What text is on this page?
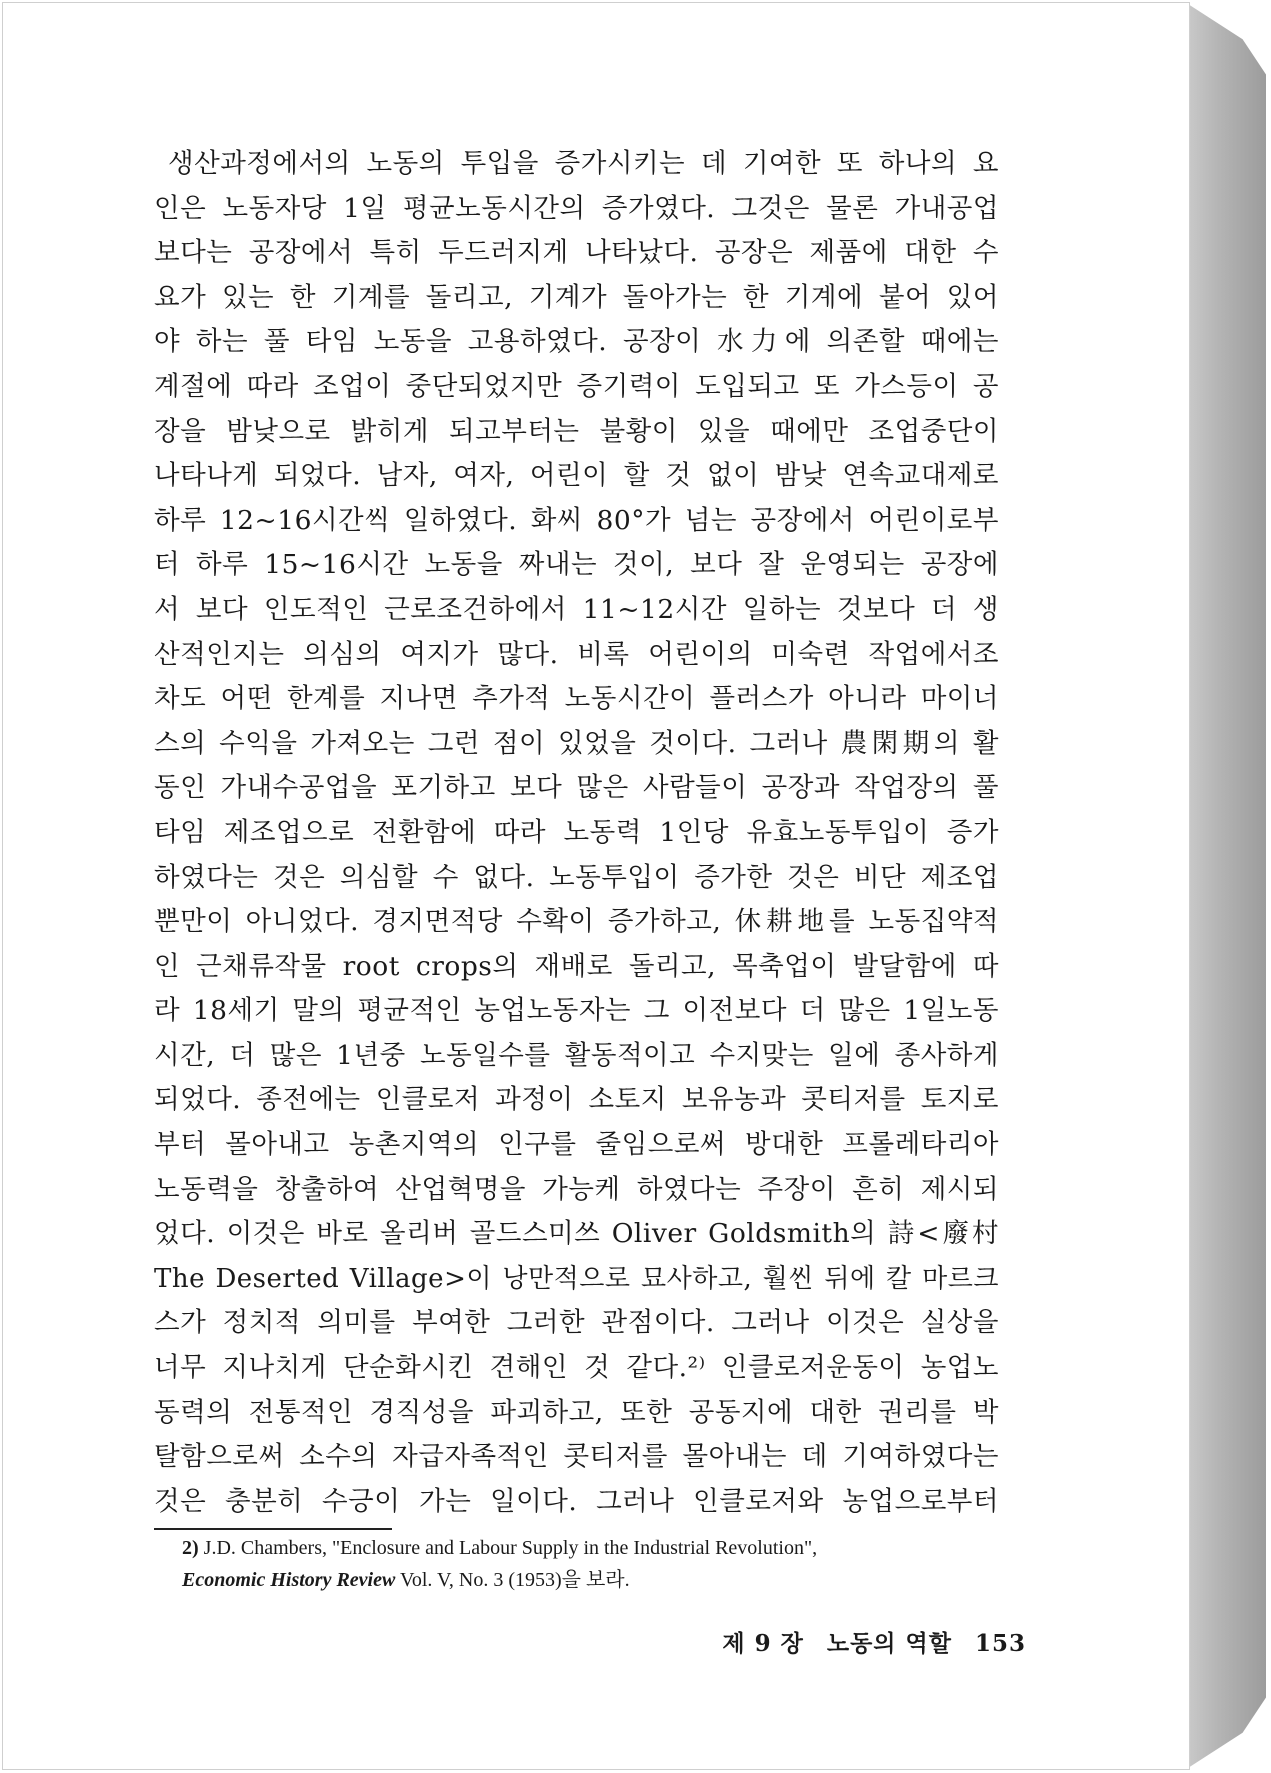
생산과정에서의 노동의 투입을 증가시키는 데 기여한 또 하나의 요
인은 노동자당 1일 평균노동시간의 증가였다. 그것은 물론 가내공업
보다는 공장에서 특히 두드러지게 나타났다. 공장은 제품에 대한 수
요가 있는 한 기계를 돌리고, 기계가 돌아가는 한 기계에 붙어 있어
야 하는 풀 타임 노동을 고용하였다. 공장이 水力에 의존할 때에는
계절에 따라 조업이 중단되었지만 증기력이 도입되고 또 가스등이 공
장을 밤낮으로 밝히게 되고부터는 불황이 있을 때에만 조업중단이
나타나게 되었다. 남자, 여자, 어린이 할 것 없이 밤낮 연속교대제로
하루 12~16시간씩 일하였다. 화씨 80°가 넘는 공장에서 어린이로부
터 하루 15~16시간 노동을 짜내는 것이, 보다 잘 운영되는 공장에
서 보다 인도적인 근로조건하에서 11~12시간 일하는 것보다 더 생
산적인지는 의심의 여지가 많다. 비록 어린이의 미숙련 작업에서조
차도 어떤 한계를 지나면 추가적 노동시간이 플러스가 아니라 마이너
스의 수익을 가져오는 그런 점이 있었을 것이다. 그러나 農閑期의 활
동인 가내수공업을 포기하고 보다 많은 사람들이 공장과 작업장의 풀
타임 제조업으로 전환함에 따라 노동력 1인당 유효노동투입이 증가
하였다는 것은 의심할 수 없다. 노동투입이 증가한 것은 비단 제조업
뿐만이 아니었다. 경지면적당 수확이 증가하고, 休耕地를 노동집약적
인 근채류작물 root crops의 재배로 돌리고, 목축업이 발달함에 따
라 18세기 말의 평균적인 농업노동자는 그 이전보다 더 많은 1일노동
시간, 더 많은 1년중 노동일수를 활동적이고 수지맞는 일에 종사하게
되었다. 종전에는 인클로저 과정이 소토지 보유농과 콧티저를 토지로
부터 몰아내고 농촌지역의 인구를 줄임으로써 방대한 프롤레타리아
노동력을 창출하여 산업혁명을 가능케 하였다는 주장이 흔히 제시되
었다. 이것은 바로 올리버 골드스미쓰 Oliver Goldsmith의 詩<廢村
The Deserted Village>이 낭만적으로 묘사하고, 훨씬 뒤에 칼 마르크
스가 정치적 의미를 부여한 그러한 관점이다. 그러나 이것은 실상을
너무 지나치게 단순화시킨 견해인 것 같다.²⁾ 인클로저운동이 농업노
동력의 전통적인 경직성을 파괴하고, 또한 공동지에 대한 권리를 박
탈함으로써 소수의 자급자족적인 콧티저를 몰아내는 데 기여하였다는
것은 충분히 수긍이 가는 일이다. 그러나 인클로저와 농업으로부터
2) J.D. Chambers, "Enclosure and Labour Supply in the Industrial Revolution",
Economic History Review Vol. V, No. 3 (1953)을 보라.
제 9 장 노동의 역할 153
